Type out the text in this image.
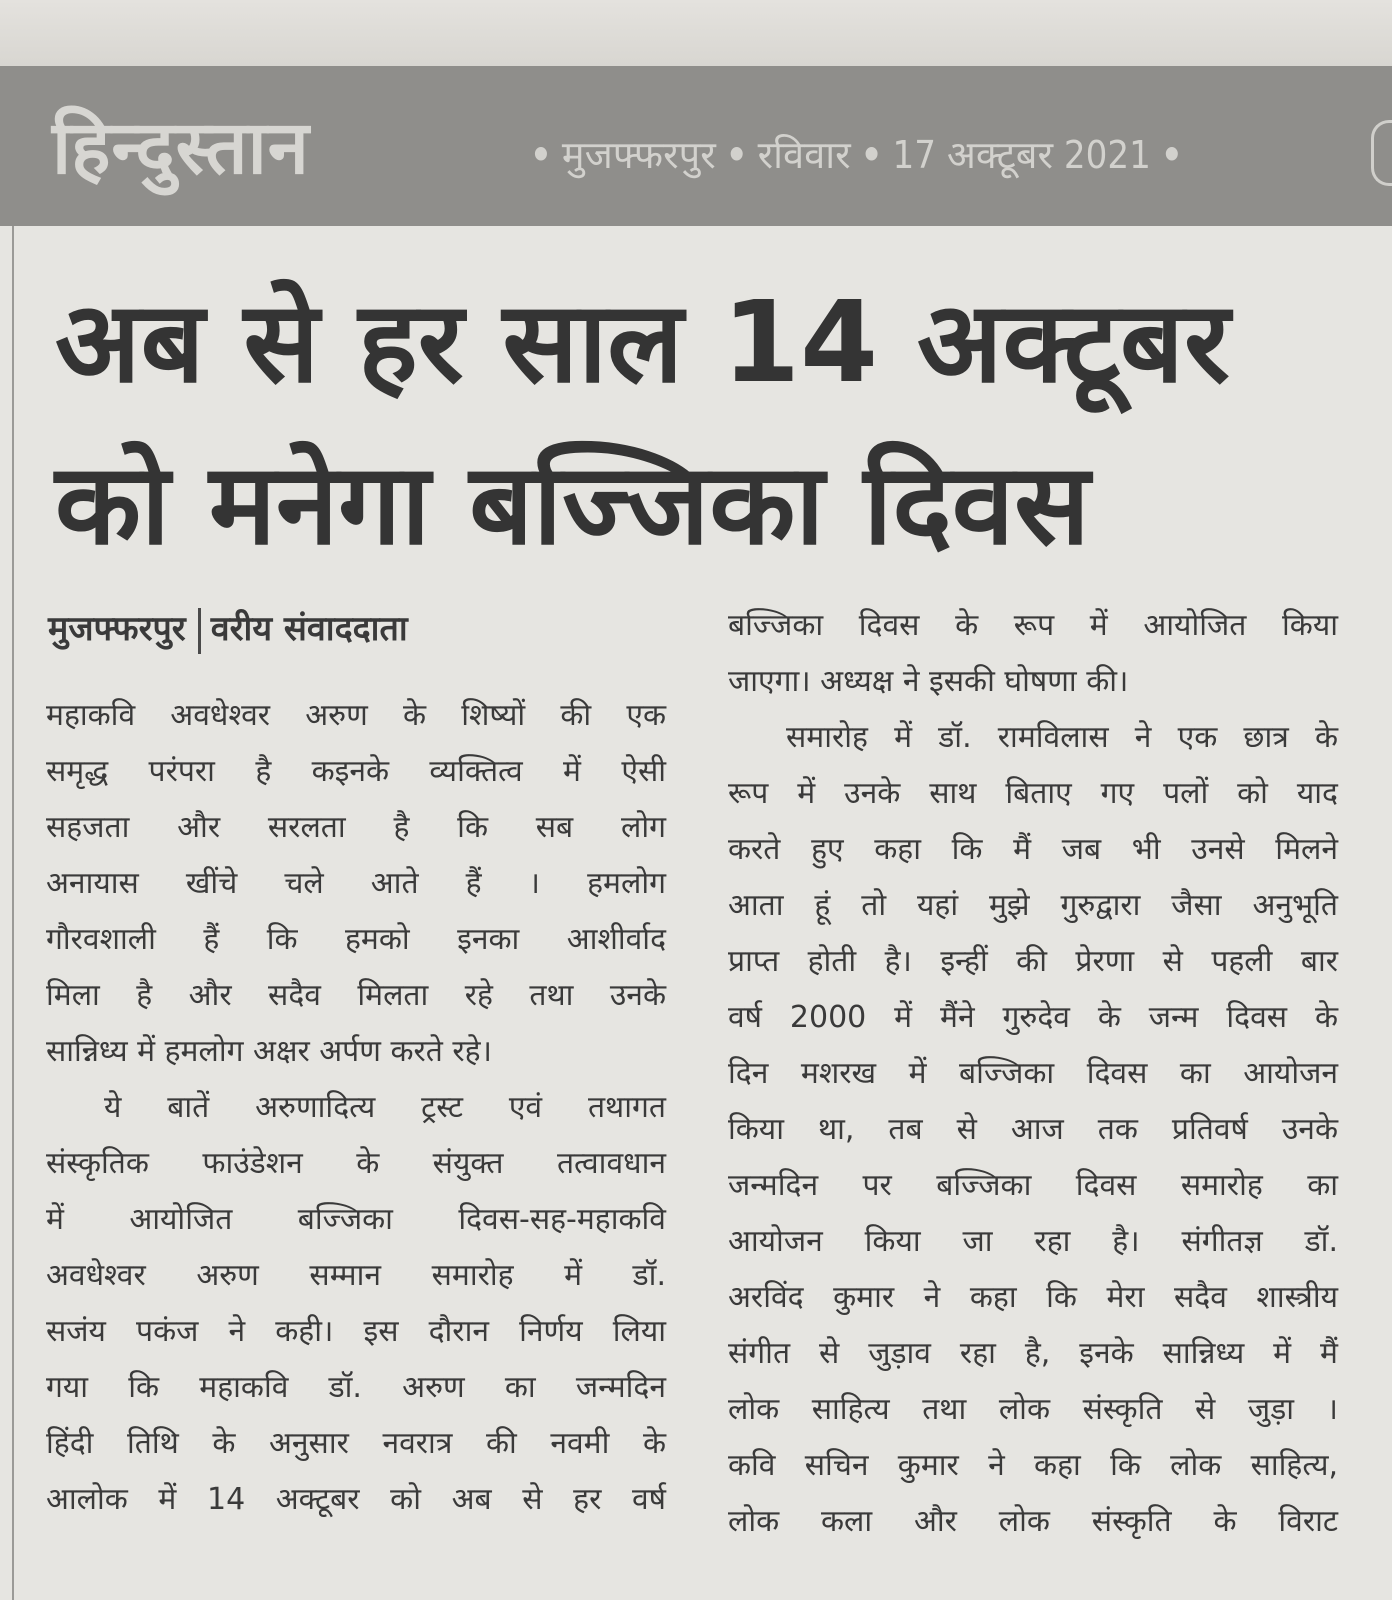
हिन्दुस्तान	• मुजफ्फरपुर • रविवार • 17 अक्टूबर 2021 •
अब से हर साल 14 अक्टूबर
को मनेगा बज्जिका दिवस
मुजफ्फरपुर वरीय संवाददाता
महाकवि अवधेश्वर अरुण के शिष्यों की एक
समृद्ध परंपरा है कइनके व्यक्तित्व में ऐसी
सहजता और सरलता है कि सब लोग
अनायास खींचे चले आते हैं । हमलोग
गौरवशाली हैं कि हमको इनका आशीर्वाद
मिला है और सदैव मिलता रहे तथा उनके
सान्निध्य में हमलोग अक्षर अर्पण करते रहे।
ये बातें अरुणादित्य ट्रस्ट एवं तथागत
संस्कृतिक फाउंडेशन के संयुक्त तत्वावधान
में आयोजित बज्जिका दिवस-सह-महाकवि
अवधेश्वर अरुण सम्मान समारोह में डॉ.
सजंय पकंज ने कही। इस दौरान निर्णय लिया
गया कि महाकवि डॉ. अरुण का जन्मदिन
हिंदी तिथि के अनुसार नवरात्र की नवमी के
आलोक में 14 अक्टूबर को अब से हर वर्ष
बज्जिका दिवस के रूप में आयोजित किया
जाएगा। अध्यक्ष ने इसकी घोषणा की।
समारोह में डॉ. रामविलास ने एक छात्र के
रूप में उनके साथ बिताए गए पलों को याद
करते हुए कहा कि मैं जब भी उनसे मिलने
आता हूं तो यहां मुझे गुरुद्वारा जैसा अनुभूति
प्राप्त होती है। इन्हीं की प्रेरणा से पहली बार
वर्ष 2000 में मैंने गुरुदेव के जन्म दिवस के
दिन मशरख में बज्जिका दिवस का आयोजन
किया था, तब से आज तक प्रतिवर्ष उनके
जन्मदिन पर बज्जिका दिवस समारोह का
आयोजन किया जा रहा है। संगीतज्ञ डॉ.
अरविंद कुमार ने कहा कि मेरा सदैव शास्त्रीय
संगीत से जुड़ाव रहा है, इनके सान्निध्य में मैं
लोक साहित्य तथा लोक संस्कृति से जुड़ा ।
कवि सचिन कुमार ने कहा कि लोक साहित्य,
लोक कला और लोक संस्कृति के विराट
